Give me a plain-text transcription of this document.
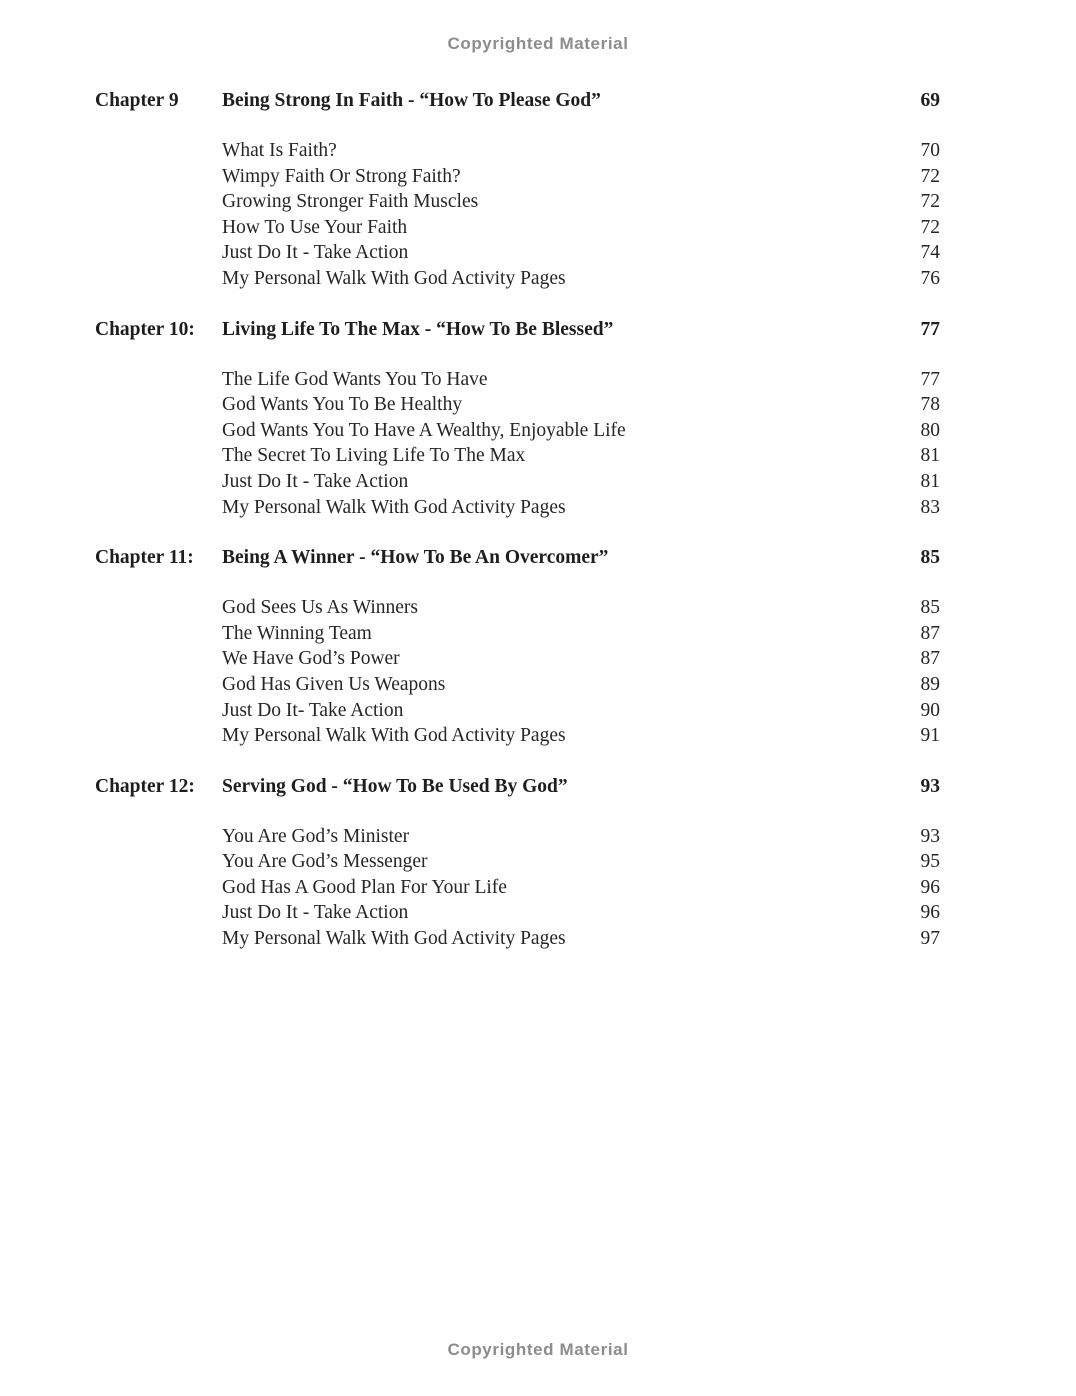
Copyrighted Material
Chapter 9	Being Strong In Faith - “How To Please God”	69
What Is Faith?	70
Wimpy Faith Or Strong Faith?	72
Growing Stronger Faith Muscles	72
How To Use Your Faith	72
Just Do It - Take Action	74
My Personal Walk With God Activity Pages	76
Chapter 10:	Living Life To The Max - “How To Be Blessed”	77
The Life God Wants You To Have	77
God Wants You To Be Healthy	78
God Wants You To Have A Wealthy, Enjoyable Life	80
The Secret To Living Life To The Max	81
Just Do It - Take Action	81
My Personal Walk With God Activity Pages	83
Chapter 11:	Being A Winner - “How To Be An Overcomer”	85
God Sees Us As Winners	85
The Winning Team	87
We Have God’s Power	87
God Has Given Us Weapons	89
Just Do It- Take Action	90
My Personal Walk With God Activity Pages	91
Chapter 12:	Serving God - “How To Be Used By God”	93
You Are God’s Minister	93
You Are God’s Messenger	95
God Has A Good Plan For Your Life	96
Just Do It - Take Action	96
My Personal Walk With God Activity Pages	97
Copyrighted Material
